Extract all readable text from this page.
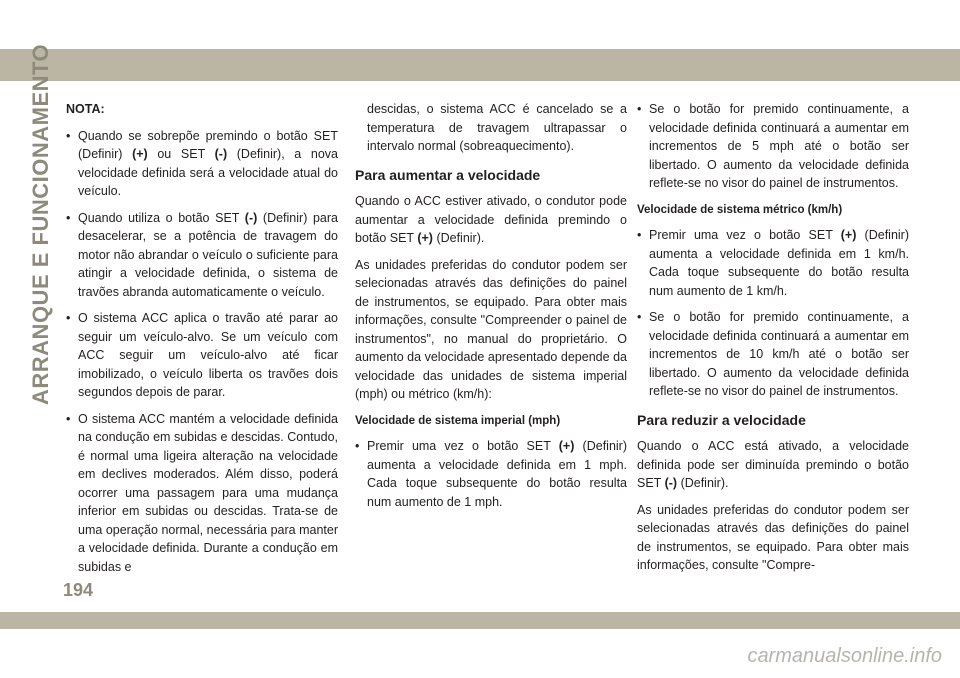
ARRANQUE E FUNCIONAMENTO NOTA:

• Quando se sobrepõe premindo o botão SET (Definir) (+) ou SET (-) (Definir), a nova velocidade definida será a velocidade atual do veículo.
• Quando utiliza o botão SET (-) (Definir) para desacelerar, se a potência de travagem do motor não abrandar o veículo o suficiente para atingir a velocidade definida, o sistema de travões abranda automaticamente o veículo.
• O sistema ACC aplica o travão até parar ao seguir um veículo-alvo. Se um veículo com ACC seguir um veículo-alvo até ficar imobilizado, o veículo liberta os travões dois segundos depois de parar.
• O sistema ACC mantém a velocidade definida na condução em subidas e descidas. Contudo, é normal uma ligeira alteração na velocidade em declives moderados. Além disso, poderá ocorrer uma passagem para uma mudança inferior em subidas ou descidas. Trata-se de uma operação normal, necessária para manter a velocidade definida. Durante a condução em subidas e

descidas, o sistema ACC é cancelado se a temperatura de travagem ultrapassar o intervalo normal (sobreaquecimento).

Para aumentar a velocidade

Quando o ACC estiver ativado, o condutor pode aumentar a velocidade definida premindo o botão SET (+) (Definir).

As unidades preferidas do condutor podem ser selecionadas através das definições do painel de instrumentos, se equipado. Para obter mais informações, consulte "Compreender o painel de instrumentos", no manual do proprietário. O aumento da velocidade apresentado depende da velocidade das unidades de sistema imperial (mph) ou métrico (km/h):

Velocidade de sistema imperial (mph)
• Premir uma vez o botão SET (+) (Definir) aumenta a velocidade definida em 1 mph. Cada toque subsequente do botão resulta num aumento de 1 mph.
• Se o botão for premido continuamente, a velocidade definida continuará a aumentar em incrementos de 5 mph até o botão ser libertado. O aumento da velocidade definida reflete-se no visor do painel de instrumentos.
Velocidade de sistema métrico (km/h)
• Premir uma vez o botão SET (+) (Definir) aumenta a velocidade definida em 1 km/h. Cada toque subsequente do botão resulta num aumento de 1 km/h.
• Se o botão for premido continuamente, a velocidade definida continuará a aumentar em incrementos de 10 km/h até o botão ser libertado. O aumento da velocidade definida reflete-se no visor do painel de instrumentos.
Para reduzir a velocidade

Quando o ACC está ativado, a velocidade definida pode ser diminuída premindo o botão SET (-) (Definir).

As unidades preferidas do condutor podem ser selecionadas através das definições do painel de instrumentos, se equipado. Para obter mais informações, consulte "Compre-

194
carmanualsonline.info
